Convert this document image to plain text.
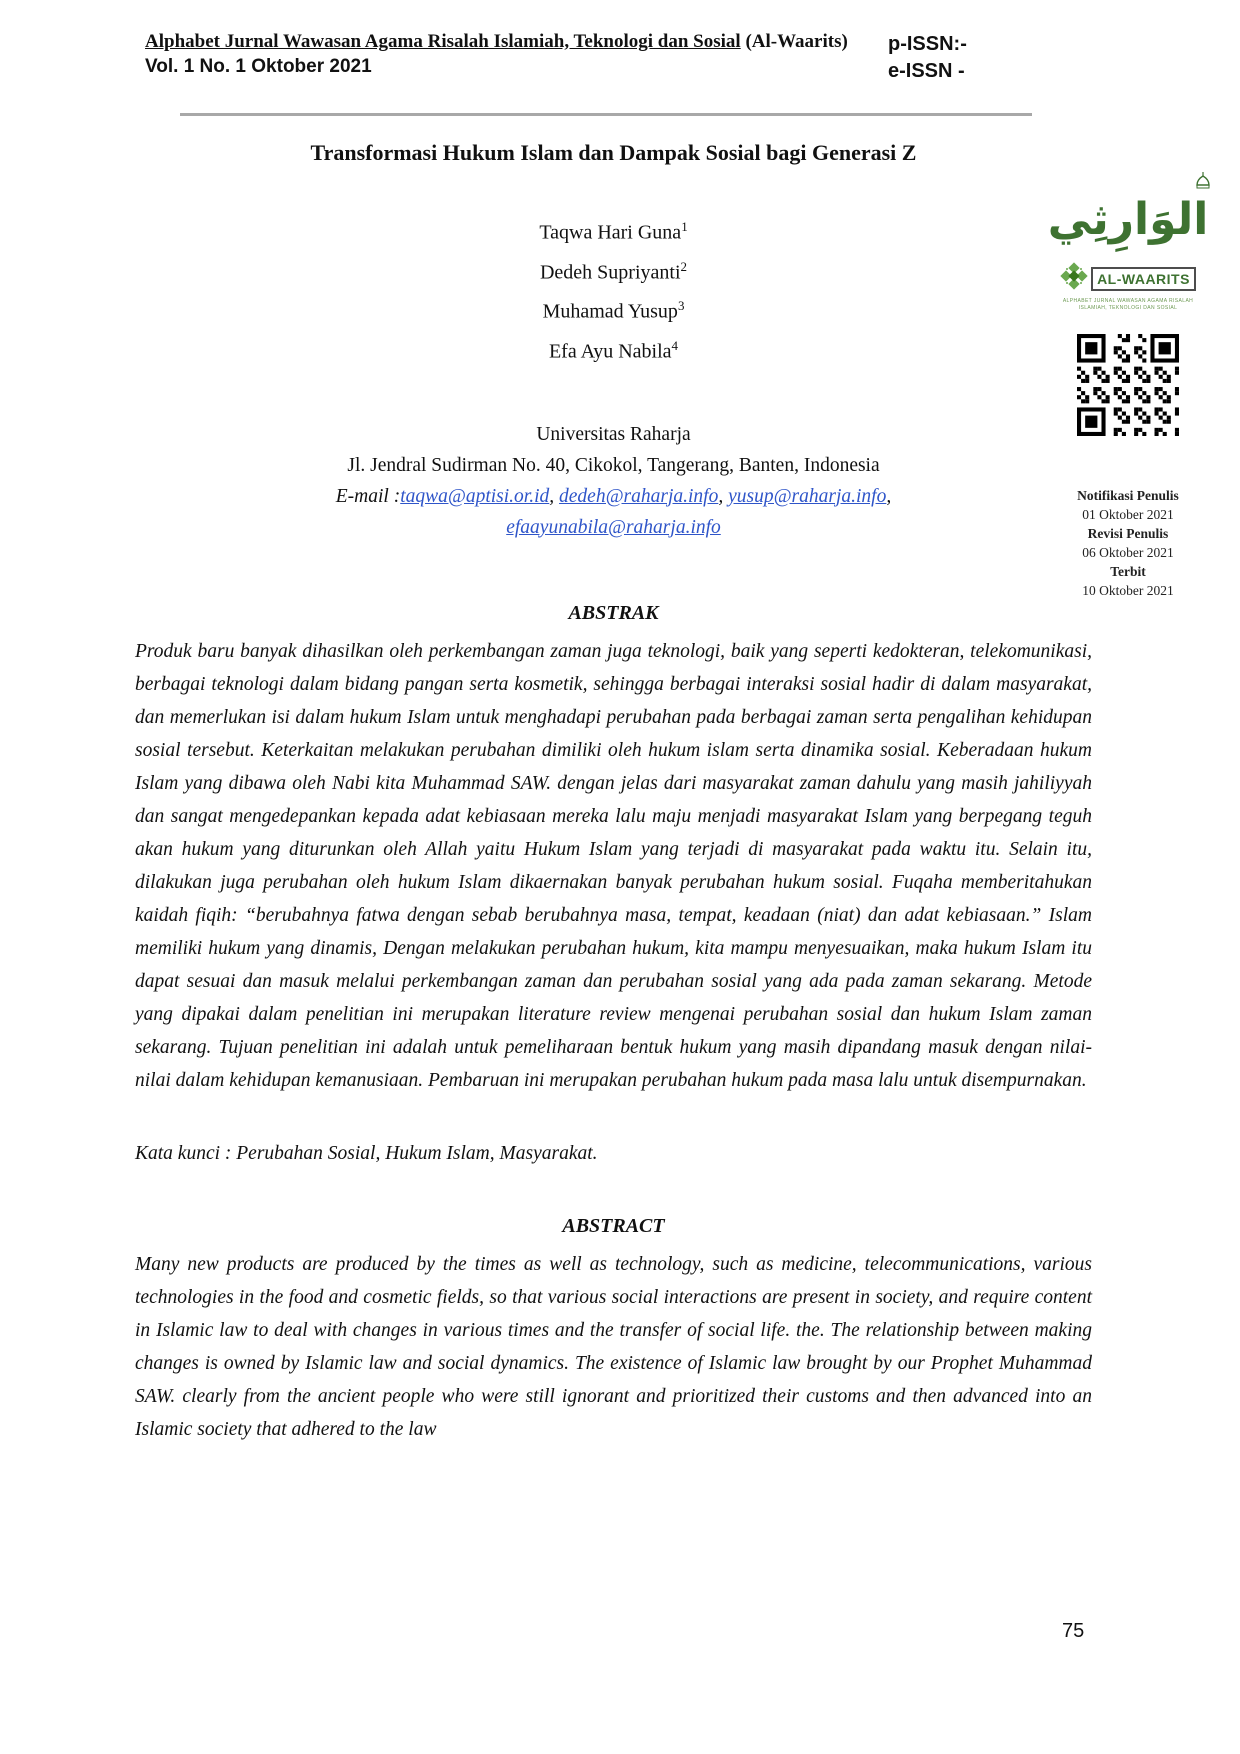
Alphabet Jurnal Wawasan Agama Risalah Islamiah, Teknologi dan Sosial (Al-Waarits)
Vol. 1 No. 1 Oktober 2021
p-ISSN:-
e-ISSN -
الوَارِثِي
AL-WAARITS
ALPHABET JURNAL WAWASAN AGAMA RISALAH
ISLAMIAH, TEKNOLOGI DAN SOSIAL
Notifikasi Penulis
01 Oktober 2021
Revisi Penulis
06 Oktober 2021
Terbit
10 Oktober 2021
Transformasi Hukum Islam dan Dampak Sosial bagi Generasi Z
Taqwa Hari Guna$^1$
Dedeh Supriyanti$^2$
Muhamad Yusup$^3$
Efa Ayu Nabila$^4$
Universitas Raharja
Jl. Jendral Sudirman No. 40, Cikokol, Tangerang, Banten, Indonesia
E-mail :taqwa@aptisi.or.id, dedeh@raharja.info, yusup@raharja.info,
efaayunabila@raharja.info
ABSTRAK

Produk baru banyak dihasilkan oleh perkembangan zaman juga teknologi, baik yang seperti kedokteran, telekomunikasi, berbagai teknologi dalam bidang pangan serta kosmetik, sehingga berbagai interaksi sosial hadir di dalam masyarakat, dan memerlukan isi dalam hukum Islam untuk menghadapi perubahan pada berbagai zaman serta pengalihan kehidupan sosial tersebut. Keterkaitan melakukan perubahan dimiliki oleh hukum islam serta dinamika sosial. Keberadaan hukum Islam yang dibawa oleh Nabi kita Muhammad SAW. dengan jelas dari masyarakat zaman dahulu yang masih jahiliyyah dan sangat mengedepankan kepada adat kebiasaan mereka lalu maju menjadi masyarakat Islam yang berpegang teguh akan hukum yang diturunkan oleh Allah yaitu Hukum Islam yang terjadi di masyarakat pada waktu itu. Selain itu, dilakukan juga perubahan oleh hukum Islam dikaernakan banyak perubahan hukum sosial. Fuqaha memberitahukan kaidah fiqih: “berubahnya fatwa dengan sebab berubahnya masa, tempat, keadaan (niat) dan adat kebiasaan.” Islam memiliki hukum yang dinamis, Dengan melakukan perubahan hukum, kita mampu menyesuaikan, maka hukum Islam itu dapat sesuai dan masuk melalui perkembangan zaman dan perubahan sosial yang ada pada zaman sekarang. Metode yang dipakai dalam penelitian ini merupakan literature review mengenai perubahan sosial dan hukum Islam zaman sekarang. Tujuan penelitian ini adalah untuk pemeliharaan bentuk hukum yang masih dipandang masuk dengan nilai-nilai dalam kehidupan kemanusiaan. Pembaruan ini merupakan perubahan hukum pada masa lalu untuk disempurnakan.

Kata kunci : Perubahan Sosial, Hukum Islam, Masyarakat.
ABSTRACT

Many new products are produced by the times as well as technology, such as medicine, telecommunications, various technologies in the food and cosmetic fields, so that various social interactions are present in society, and require content in Islamic law to deal with changes in various times and the transfer of social life. the. The relationship between making changes is owned by Islamic law and social dynamics. The existence of Islamic law brought by our Prophet Muhammad SAW. clearly from the ancient people who were still ignorant and prioritized their customs and then advanced into an Islamic society that adhered to the law

75
